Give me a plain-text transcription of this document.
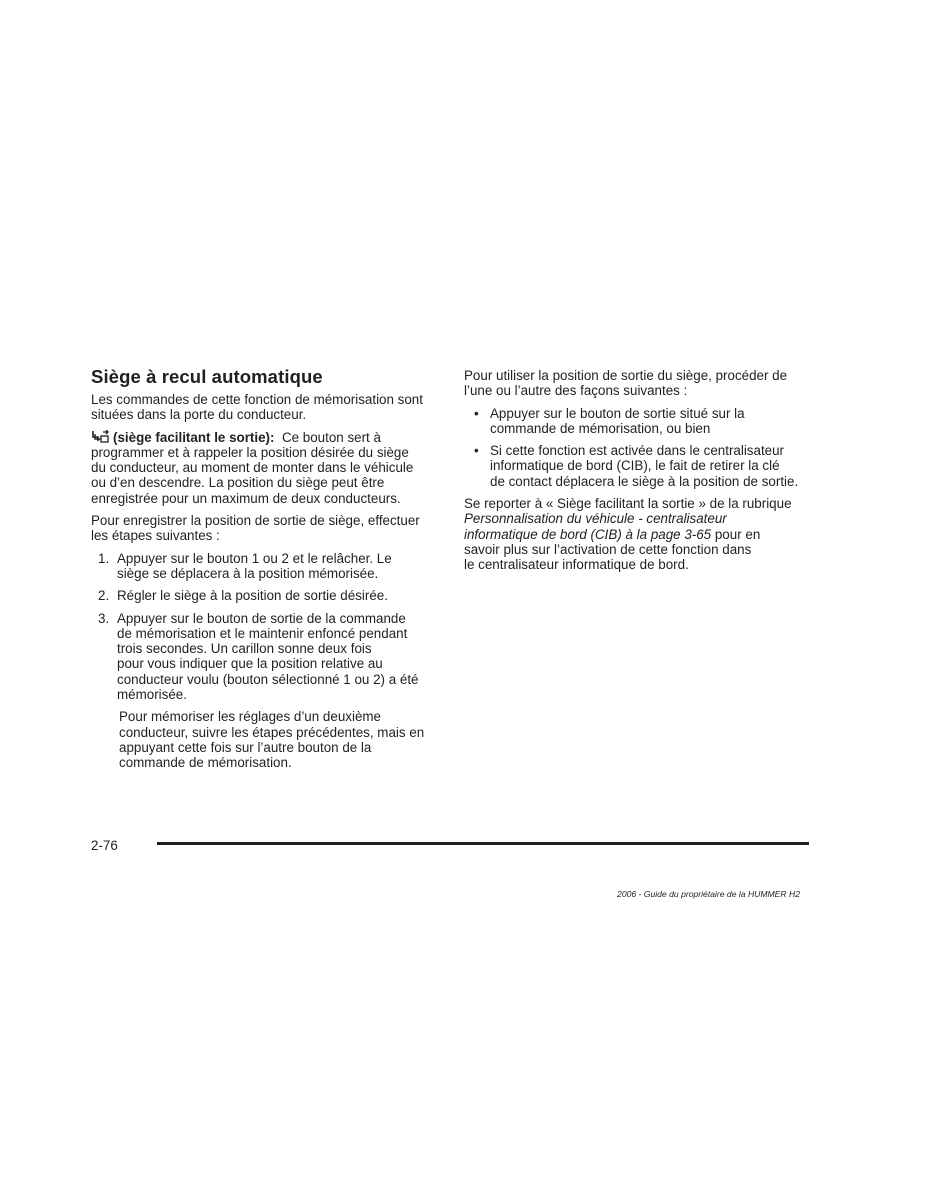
Siège à recul automatique

Les commandes de cette fonction de mémorisation sont
situées dans la porte du conducteur.

(siège facilitant le sortie): Ce bouton sert à
programmer et à rappeler la position désirée du siège
du conducteur, au moment de monter dans le véhicule
ou d’en descendre. La position du siège peut être
enregistrée pour un maximum de deux conducteurs.

Pour enregistrer la position de sortie de siège, effectuer
les étapes suivantes :

1. Appuyer sur le bouton 1 ou 2 et le relâcher. Le
siège se déplacera à la position mémorisée.
2. Régler le siège à la position de sortie désirée.
3. Appuyer sur le bouton de sortie de la commande
de mémorisation et le maintenir enfoncé pendant
trois secondes. Un carillon sonne deux fois
pour vous indiquer que la position relative au
conducteur voulu (bouton sélectionné 1 ou 2) a été
mémorisée.

Pour mémoriser les réglages d’un deuxième
conducteur, suivre les étapes précédentes, mais en
appuyant cette fois sur l’autre bouton de la
commande de mémorisation.

Pour utiliser la position de sortie du siège, procéder de
l’une ou l’autre des façons suivantes :

• Appuyer sur le bouton de sortie situé sur la
commande de mémorisation, ou bien
• Si cette fonction est activée dans le centralisateur
informatique de bord (CIB), le fait de retirer la clé
de contact déplacera le siège à la position de sortie.

Se reporter à « Siège facilitant la sortie » de la rubrique
Personnalisation du véhicule - centralisateur
informatique de bord (CIB) à la page 3-65 pour en
savoir plus sur l’activation de cette fonction dans
le centralisateur informatique de bord.

2-76
2006 - Guide du propriétaire de la HUMMER H2
